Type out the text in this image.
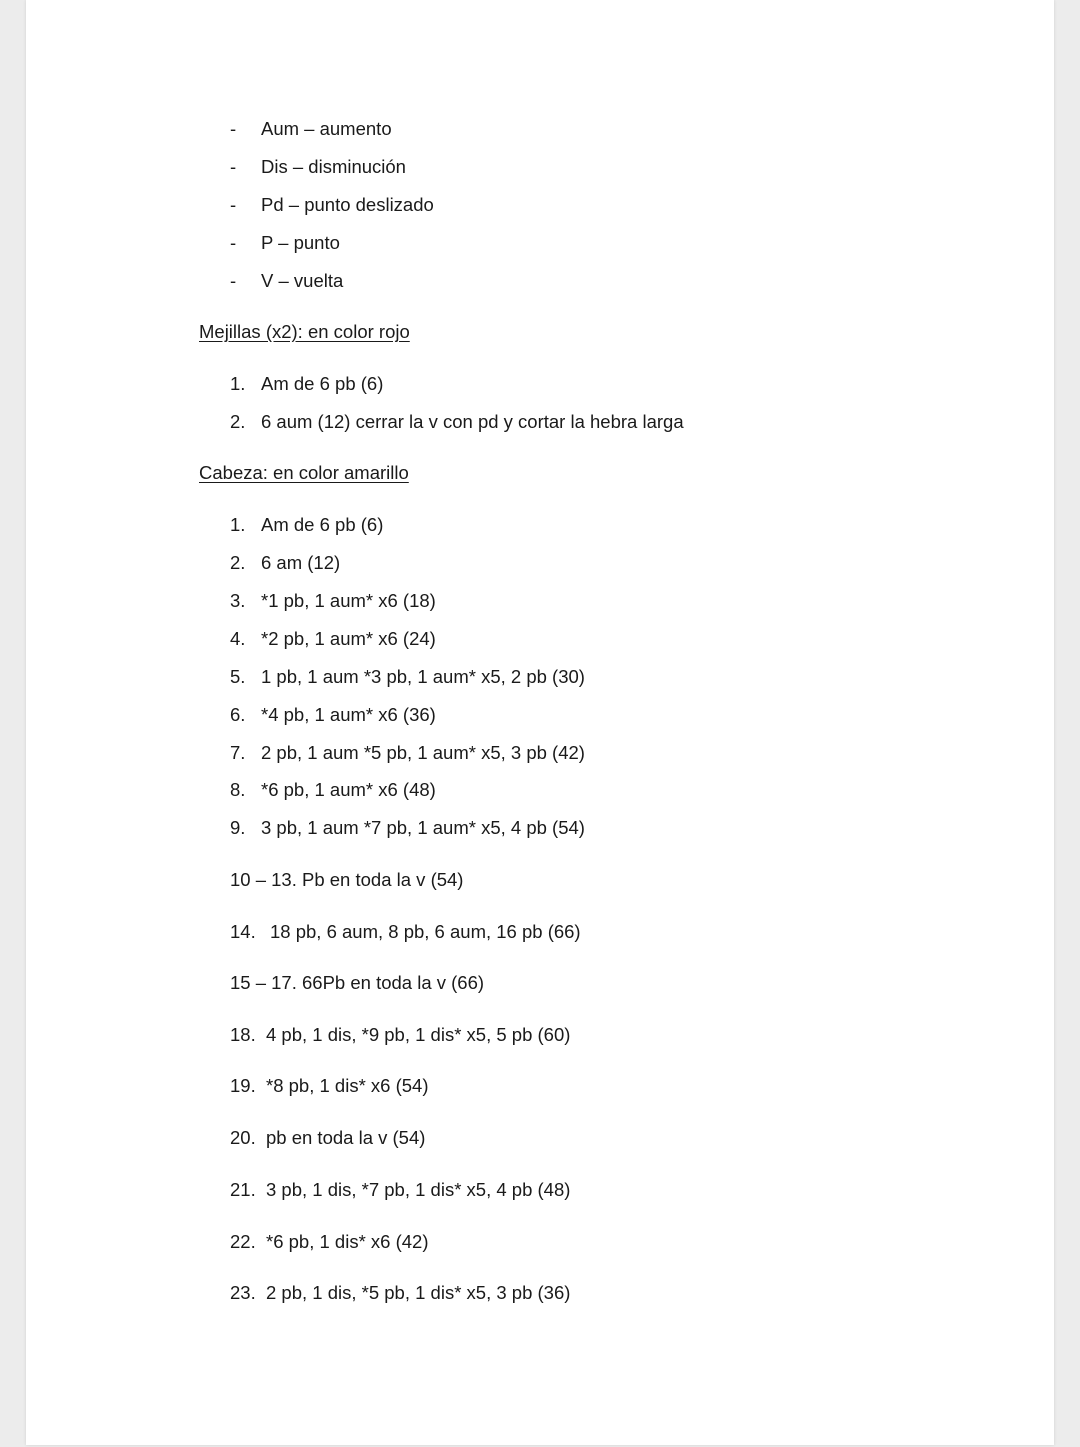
- Aum – aumento
- Dis – disminución
- Pd – punto deslizado
- P – punto
- V – vuelta
Mejillas (x2): en color rojo
1. Am de 6 pb (6)
2. 6 aum (12) cerrar la v con pd y cortar la hebra larga
Cabeza: en color amarillo
1. Am de 6 pb (6)
2. 6 am (12)
3. *1 pb, 1 aum* x6 (18)
4. *2 pb, 1 aum* x6 (24)
5. 1 pb, 1 aum *3 pb, 1 aum* x5, 2 pb (30)
6. *4 pb, 1 aum* x6 (36)
7. 2 pb, 1 aum *5 pb, 1 aum* x5, 3 pb (42)
8. *6 pb, 1 aum* x6 (48)
9. 3 pb, 1 aum *7 pb, 1 aum* x5, 4 pb (54)
10 – 13. Pb en toda la v (54)
14. 18 pb, 6 aum, 8 pb, 6 aum, 16 pb (66)
15 – 17. 66Pb en toda la v (66)
18. 4 pb, 1 dis, *9 pb, 1 dis* x5, 5 pb (60)
19. *8 pb, 1 dis* x6 (54)
20. pb en toda la v (54)
21. 3 pb, 1 dis, *7 pb, 1 dis* x5, 4 pb (48)
22. *6 pb, 1 dis* x6 (42)
23. 2 pb, 1 dis, *5 pb, 1 dis* x5, 3 pb (36)
